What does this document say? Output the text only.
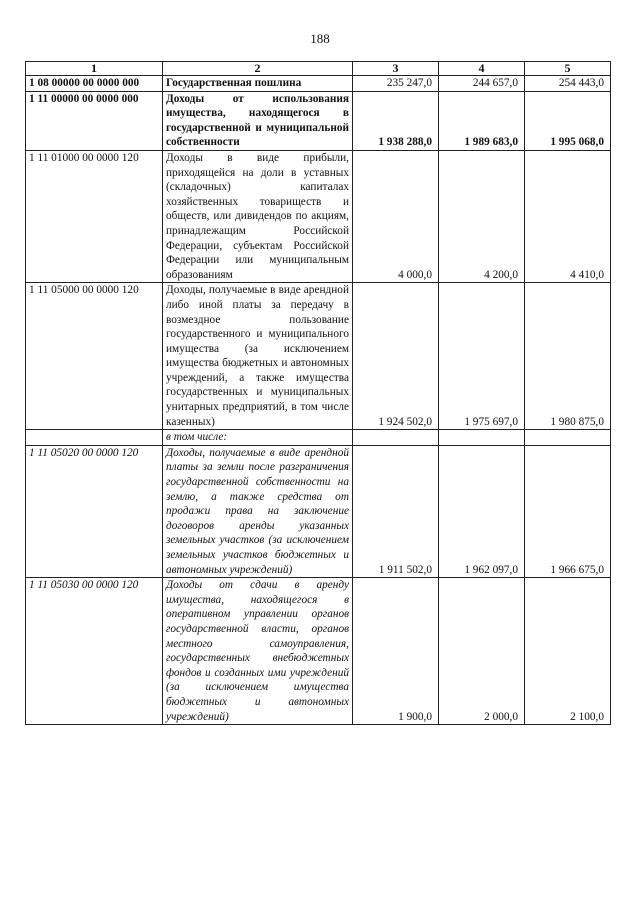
188
1	2	3	4	5
1 08 00000 00 0000 000	Государственная пошлина	235 247,0	244 657,0	254 443,0
1 11 00000 00 0000 000	Доходы от использования имущества, находящегося в государственной и муниципальной собственности	1 938 288,0	1 989 683,0	1 995 068,0
1 11 01000 00 0000 120	Доходы в виде прибыли, приходящейся на доли в уставных (складочных) капиталах хозяйственных товариществ и обществ, или дивидендов по акциям, принадлежащим Российской Федерации, субъектам Российской Федерации или муниципальным образованиям	4 000,0	4 200,0	4 410,0
1 11 05000 00 0000 120	Доходы, получаемые в виде арендной либо иной платы за передачу в возмездное пользование государственного и муниципального имущества (за исключением имущества бюджетных и автономных учреждений, а также имущества государственных и муниципальных унитарных предприятий, в том числе казенных)	1 924 502,0	1 975 697,0	1 980 875,0
	в том числе:			
1 11 05020 00 0000 120	Доходы, получаемые в виде арендной платы за земли после разграничения государственной собственности на землю, а также средства от продажи права на заключение договоров аренды указанных земельных участков (за исключением земельных участков бюджетных и автономных учреждений)	1 911 502,0	1 962 097,0	1 966 675,0
1 11 05030 00 0000 120	Доходы от сдачи в аренду имущества, находящегося в оперативном управлении органов государственной власти, органов местного самоуправления, государственных внебюджетных фондов и созданных ими учреждений (за исключением имущества бюджетных и автономных учреждений)	1 900,0	2 000,0	2 100,0
